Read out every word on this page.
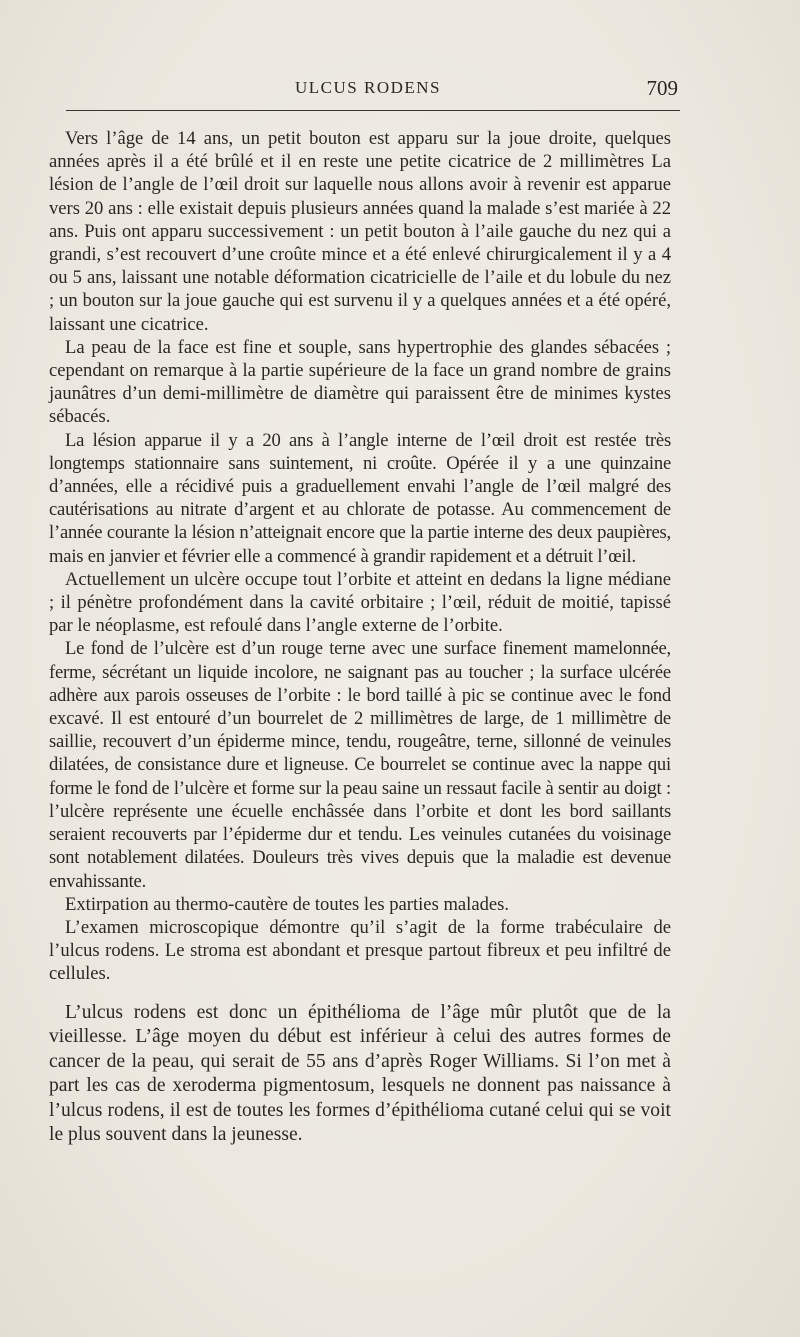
ULCUS RODENS	709

Vers l’âge de 14 ans, un petit bouton est apparu sur la joue droite, quelques années après il a été brûlé et il en reste une petite cicatrice de 2 millimètres La lésion de l’angle de l’œil droit sur laquelle nous allons avoir à revenir est apparue vers 20 ans : elle existait depuis plusieurs années quand la malade s’est mariée à 22 ans. Puis ont apparu successivement : un petit bouton à l’aile gauche du nez qui a grandi, s’est recouvert d’une croûte mince et a été enlevé chirurgicalement il y a 4 ou 5 ans, laissant une notable déformation cicatricielle de l’aile et du lobule du nez ; un bouton sur la joue gauche qui est survenu il y a quelques années et a été opéré, laissant une cicatrice.

La peau de la face est fine et souple, sans hypertrophie des glandes sébacées ; cependant on remarque à la partie supérieure de la face un grand nombre de grains jaunâtres d’un demi-millimètre de diamètre qui paraissent être de minimes kystes sébacés.

La lésion apparue il y a 20 ans à l’angle interne de l’œil droit est restée très longtemps stationnaire sans suintement, ni croûte. Opérée il y a une quinzaine d’années, elle a récidivé puis a graduellement envahi l’angle de l’œil malgré des cautérisations au nitrate d’argent et au chlorate de potasse. Au commencement de l’année courante la lésion n’atteignait encore que la partie interne des deux paupières, mais en janvier et février elle a commencé à grandir rapidement et a détruit l’œil.

Actuellement un ulcère occupe tout l’orbite et atteint en dedans la ligne médiane ; il pénètre profondément dans la cavité orbitaire ; l’œil, réduit de moitié, tapissé par le néoplasme, est refoulé dans l’angle externe de l’orbite.

Le fond de l’ulcère est d’un rouge terne avec une surface finement mamelonnée, ferme, sécrétant un liquide incolore, ne saignant pas au toucher ; la surface ulcérée adhère aux parois osseuses de l’orbite : le bord taillé à pic se continue avec le fond excavé. Il est entouré d’un bourrelet de 2 millimètres de large, de 1 millimètre de saillie, recouvert d’un épiderme mince, tendu, rougeâtre, terne, sillonné de veinules dilatées, de consistance dure et ligneuse. Ce bourrelet se continue avec la nappe qui forme le fond de l’ulcère et forme sur la peau saine un ressaut facile à sentir au doigt : l’ulcère représente une écuelle enchâssée dans l’orbite et dont les bord saillants seraient recouverts par l’épiderme dur et tendu. Les veinules cutanées du voisinage sont notablement dilatées. Douleurs très vives depuis que la maladie est devenue envahissante.

Extirpation au thermo-cautère de toutes les parties malades.

L’examen microscopique démontre qu’il s’agit de la forme trabéculaire de l’ulcus rodens. Le stroma est abondant et presque partout fibreux et peu infiltré de cellules.

L’ulcus rodens est donc un épithélioma de l’âge mûr plutôt que de la vieillesse. L’âge moyen du début est inférieur à celui des autres formes de cancer de la peau, qui serait de 55 ans d’après Roger Williams. Si l’on met à part les cas de xeroderma pigmentosum, lesquels ne donnent pas naissance à l’ulcus rodens, il est de toutes les formes d’épithélioma cutané celui qui se voit le plus souvent dans la jeunesse.
